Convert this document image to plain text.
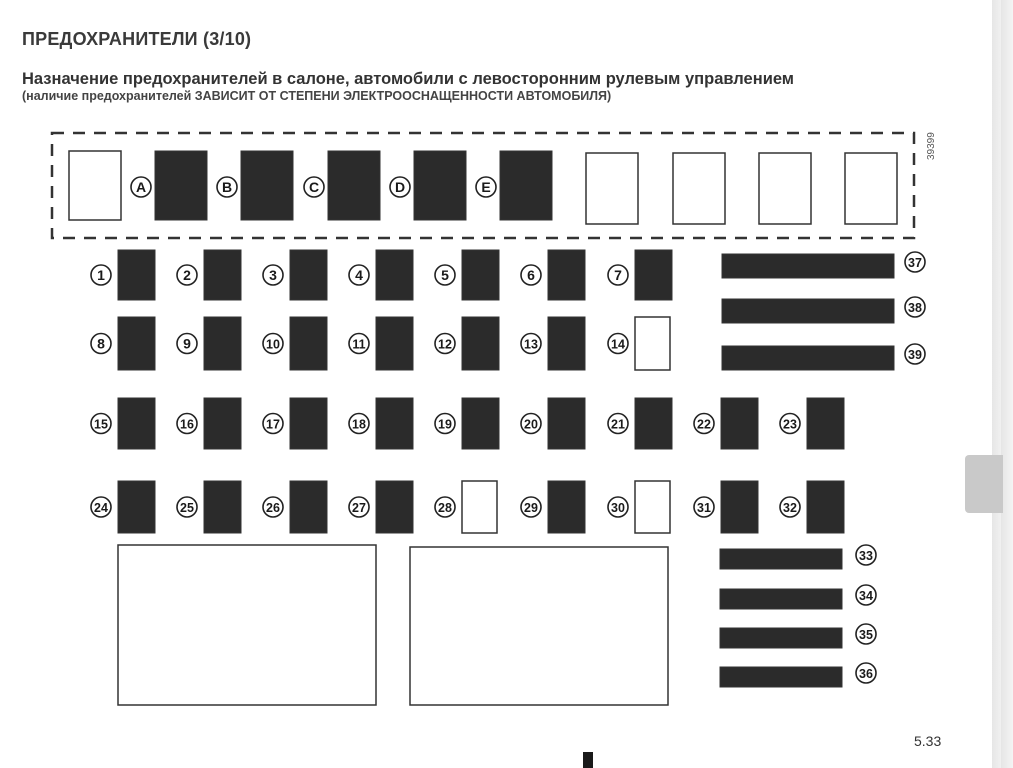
ПРЕДОХРАНИТЕЛИ (3/10)
Назначение предохранителей в салоне, автомобили с левосторонним рулевым управлением
(наличие предохранителей ЗАВИСИТ ОТ СТЕПЕНИ ЭЛЕКТРООСНАЩЕННОСТИ АВТОМОБИЛЯ)
39399
A	B	C	D	E
1	2	3	4	5	6	7
8	9	10	11	12	13	14
15	16	17	18	19	20	21	22	23
24	25	26	27	28	29	30	31	32
37
38
39
33
34
35
36
5.33
